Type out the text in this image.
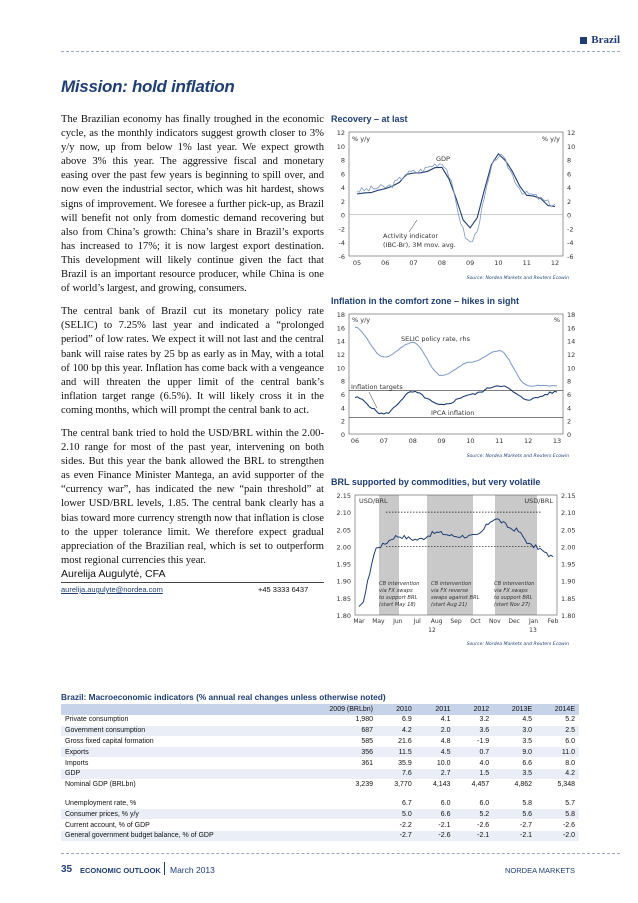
Brazil
Mission: hold inflation

The Brazilian economy has finally troughed in the economic cycle, as the monthly indicators suggest growth closer to 3% y/y now, up from below 1% last year. We expect growth above 3% this year. The aggressive fiscal and monetary easing over the past few years is beginning to spill over, and now even the industrial sector, which was hit hardest, shows signs of improvement. We foresee a further pick-up, as Brazil will benefit not only from domestic demand recovering but also from China’s growth: China’s share in Brazil’s exports has increased to 17%; it is now largest export destination. This development will likely continue given the fact that Brazil is an important resource producer, while China is one of world’s largest, and growing, consumers.

The central bank of Brazil cut its monetary policy rate (SELIC) to 7.25% last year and indicated a “prolonged period” of low rates. We expect it will not last and the central bank will raise rates by 25 bp as early as in May, with a total of 100 bp this year. Inflation has come back with a vengeance and will threaten the upper limit of the central bank’s inflation target range (6.5%). It will likely cross it in the coming months, which will prompt the central bank to act.

The central bank tried to hold the USD/BRL within the 2.00-2.10 range for most of the past year, intervening on both sides. But this year the bank allowed the BRL to strengthen as even Finance Minister Mantega, an avid supporter of the “currency war”, has indicated the new “pain threshold” at lower USD/BRL levels, 1.85. The central bank clearly has a bias toward more currency strength now that inflation is close to the upper tolerance limit. We therefore expect gradual appreciation of the Brazilian real, which is set to outperform most regional currencies this year.

Aurelija Augulytė, CFA
aurelija.augulyte@nordea.com	+45 3333 6437
Recovery – at last
12	12
10	10
8	8
6	6
4	4
2	2
0	0
-2	-2
-4	-4
-6	-6
05	06	07	08	09	10	11	12
% y/y	% y/y
GDP
Activity indicator
(IBC-Br), 3M mov. avg.
Source: Nordea Markets and Reuters Ecowin
Inflation in the comfort zone – hikes in sight
18	18
16	16
14	14
12	12
10	10
8	8
6	6
4	4
2	2
0	0
06	07	08	09	10	11	12	13
% y/y	%
SELIC policy rate, rhs
Inflation targets
IPCA inflation
Source: Nordea Markets and Reuters Ecowin
BRL supported by commodities, but very volatile
2.15	2.15
2.10	2.10
2.05	2.05
2.00	2.00
1.95	1.95
1.90	1.90
1.85	1.85
1.80	1.80
Mar May Jun Jul Aug Sep Oct Nov Dec Jan Feb
12	13
USD/BRL	USD/BRL
CB intervention
via FX swaps
to support BRL
(start May 18)
CB intervention
via FX reverse
swaps against BRL
(start Aug 21)
CB intervention
via FX swaps
to support BRL
(start Nov 27)
Source: Nordea Markets and Reuters Ecowin
Brazil: Macroeconomic indicators (% annual real changes unless otherwise noted)
	2009 (BRLbn)	2010	2011	2012	2013E	2014E
Private consumption	1,980	6.9	4.1	3.2	4.5	5.2
Government consumption	687	4.2	2.0	3.6	3.0	2.5
Gross fixed capital formation	585	21.6	4.8	-1.9	3.5	6.0
Exports	356	11.5	4.5	0.7	9.0	11.0
Imports	361	35.9	10.0	4.0	6.6	8.0
GDP		7.6	2.7	1.5	3.5	4.2
Nominal GDP (BRLbn)	3,239	3,770	4,143	4,457	4,862	5,348

Unemployment rate, %		6.7	6.0	6.0	5.8	5.7
Consumer prices, % y/y		5.0	6.6	5.2	5.6	5.8
Current account, % of GDP		-2.2	-2.1	-2.6	-2.7	-2.6
General government budget balance, % of GDP		-2.7	-2.6	-2.1	-2.1	-2.0
35 ECONOMIC OUTLOOK March 2013	NORDEA MARKETS
